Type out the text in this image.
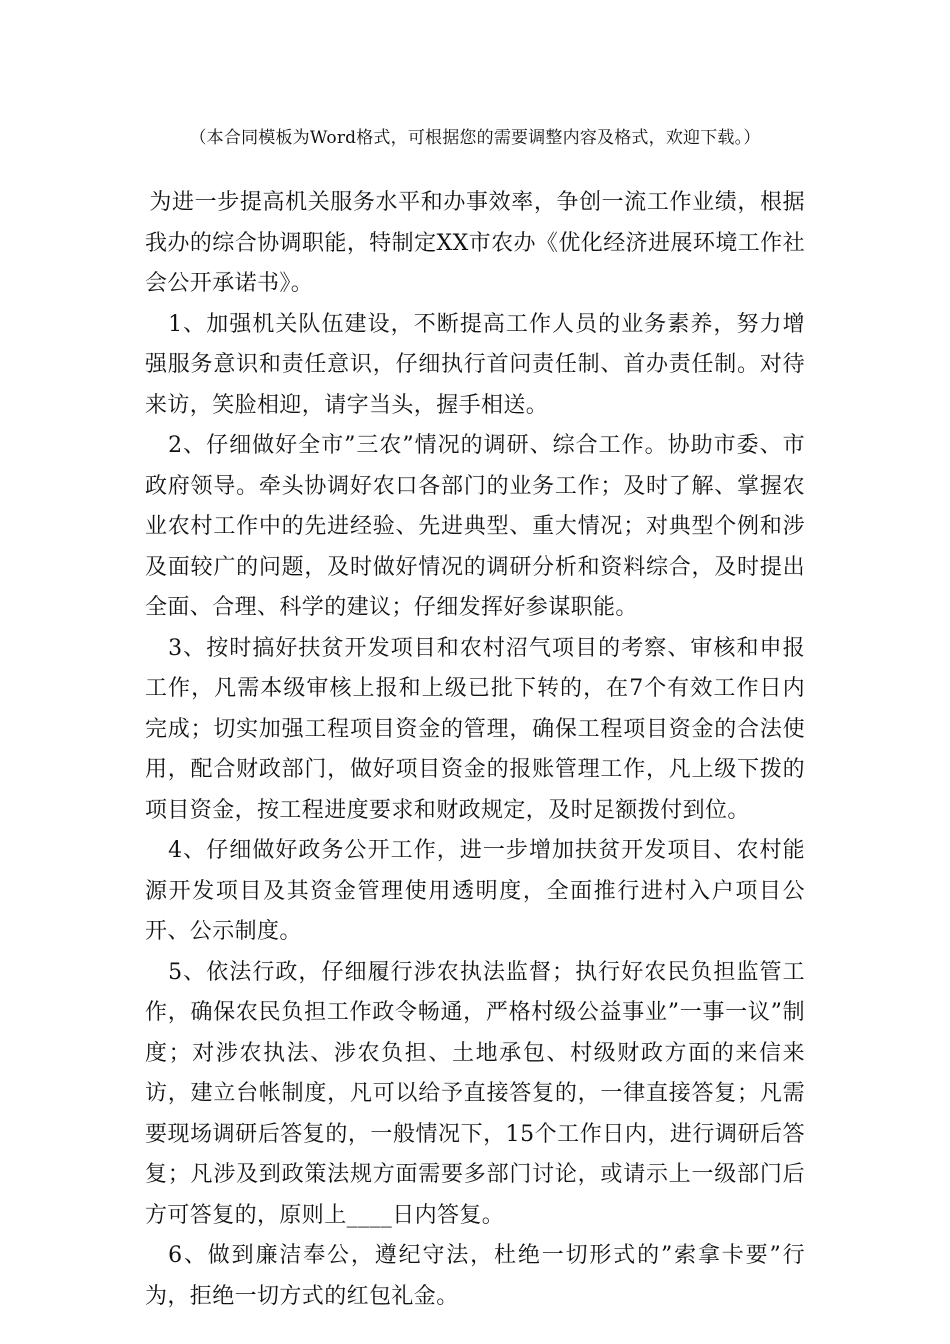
（本合同模板为Word格式，可根据您的需要调整内容及格式，欢迎下载。）

为进一步提高机关服务水平和办事效率，争创一流工作业绩，根据我办的综合协调职能，特制定XX市农办《优化经济进展环境工作社会公开承诺书》。

1、加强机关队伍建设，不断提高工作人员的业务素养，努力增强服务意识和责任意识，仔细执行首问责任制、首办责任制。对待来访，笑脸相迎，请字当头，握手相送。

2、仔细做好全市”三农”情况的调研、综合工作。协助市委、市政府领导。牵头协调好农口各部门的业务工作；及时了解、掌握农业农村工作中的先进经验、先进典型、重大情况；对典型个例和涉及面较广的问题，及时做好情况的调研分析和资料综合，及时提出全面、合理、科学的建议；仔细发挥好参谋职能。

3、按时搞好扶贫开发项目和农村沼气项目的考察、审核和申报工作，凡需本级审核上报和上级已批下转的，在7个有效工作日内完成；切实加强工程项目资金的管理，确保工程项目资金的合法使用，配合财政部门，做好项目资金的报账管理工作，凡上级下拨的项目资金，按工程进度要求和财政规定，及时足额拨付到位。

4、仔细做好政务公开工作，进一步增加扶贫开发项目、农村能源开发项目及其资金管理使用透明度，全面推行进村入户项目公开、公示制度。

5、依法行政，仔细履行涉农执法监督；执行好农民负担监管工作，确保农民负担工作政令畅通，严格村级公益事业”一事一议”制度；对涉农执法、涉农负担、土地承包、村级财政方面的来信来访，建立台帐制度，凡可以给予直接答复的，一律直接答复；凡需要现场调研后答复的，一般情况下，15个工作日内，进行调研后答复；凡涉及到政策法规方面需要多部门讨论，或请示上一级部门后方可答复的，原则上____日内答复。

6、做到廉洁奉公，遵纪守法，杜绝一切形式的”索拿卡要”行为，拒绝一切方式的红包礼金。
